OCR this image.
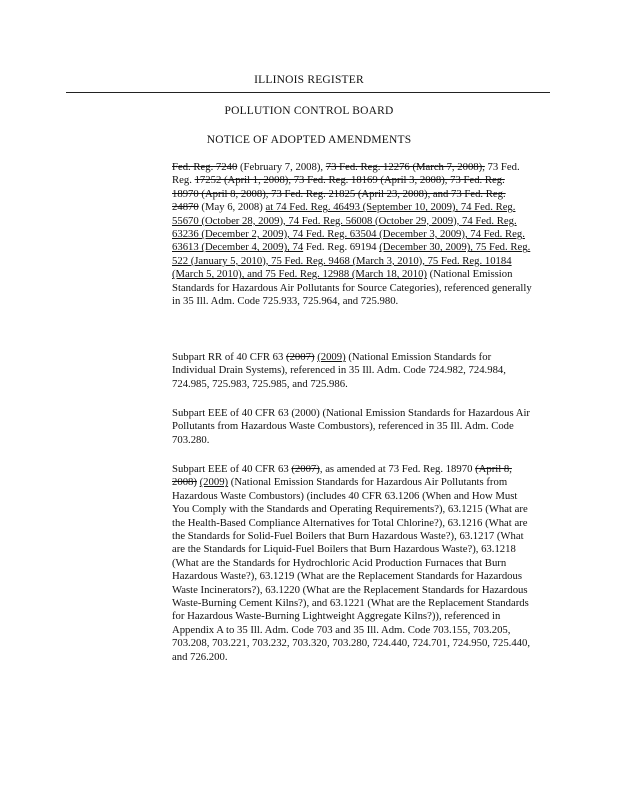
ILLINOIS REGISTER
POLLUTION CONTROL BOARD
NOTICE OF ADOPTED AMENDMENTS

Fed. Reg. 7240 (February 7, 2008), 73 Fed. Reg. 12276 (March 7, 2008), 73 Fed. Reg. 17252 (April 1, 2008), 73 Fed. Reg. 18169 (April 3, 2008), 73 Fed. Reg. 18970 (April 8, 2008), 73 Fed. Reg. 21825 (April 23, 2008), and 73 Fed. Reg. 24870 (May 6, 2008) at 74 Fed. Reg. 46493 (September 10, 2009), 74 Fed. Reg. 55670 (October 28, 2009), 74 Fed. Reg. 56008 (October 29, 2009), 74 Fed. Reg. 63236 (December 2, 2009), 74 Fed. Reg. 63504 (December 3, 2009), 74 Fed. Reg. 63613 (December 4, 2009), 74 Fed. Reg. 69194 (December 30, 2009), 75 Fed. Reg. 522 (January 5, 2010), 75 Fed. Reg. 9468 (March 3, 2010), 75 Fed. Reg. 10184 (March 5, 2010), and 75 Fed. Reg. 12988 (March 18, 2010) (National Emission Standards for Hazardous Air Pollutants for Source Categories), referenced generally in 35 Ill. Adm. Code 725.933, 725.964, and 725.980.

Subpart RR of 40 CFR 63 (2007) (2009) (National Emission Standards for Individual Drain Systems), referenced in 35 Ill. Adm. Code 724.982, 724.984, 724.985, 725.983, 725.985, and 725.986.

Subpart EEE of 40 CFR 63 (2000) (National Emission Standards for Hazardous Air Pollutants from Hazardous Waste Combustors), referenced in 35 Ill. Adm. Code 703.280.

Subpart EEE of 40 CFR 63 (2007), as amended at 73 Fed. Reg. 18970 (April 8, 2008) (2009) (National Emission Standards for Hazardous Air Pollutants from Hazardous Waste Combustors) (includes 40 CFR 63.1206 (When and How Must You Comply with the Standards and Operating Requirements?), 63.1215 (What are the Health-Based Compliance Alternatives for Total Chlorine?), 63.1216 (What are the Standards for Solid-Fuel Boilers that Burn Hazardous Waste?), 63.1217 (What are the Standards for Liquid-Fuel Boilers that Burn Hazardous Waste?), 63.1218 (What are the Standards for Hydrochloric Acid Production Furnaces that Burn Hazardous Waste?), 63.1219 (What are the Replacement Standards for Hazardous Waste Incinerators?), 63.1220 (What are the Replacement Standards for Hazardous Waste-Burning Cement Kilns?), and 63.1221 (What are the Replacement Standards for Hazardous Waste-Burning Lightweight Aggregate Kilns?)), referenced in Appendix A to 35 Ill. Adm. Code 703 and 35 Ill. Adm. Code 703.155, 703.205, 703.208, 703.221, 703.232, 703.320, 703.280, 724.440, 724.701, 724.950, 725.440, and 726.200.
